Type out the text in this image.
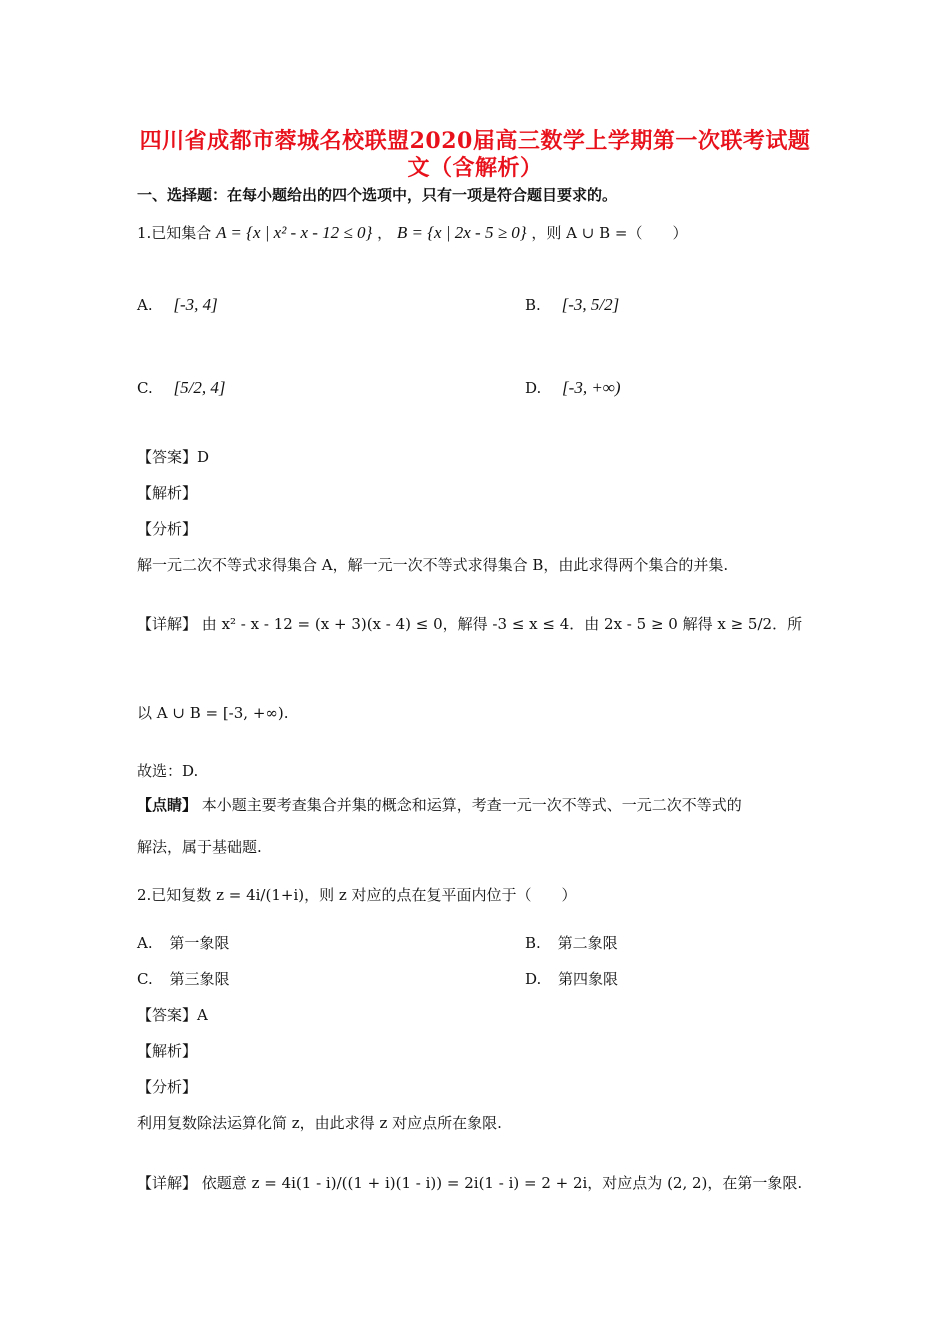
四川省成都市蓉城名校联盟2020届高三数学上学期第一次联考试题
文（含解析）
一、选择题：在每小题给出的四个选项中，只有一项是符合题目要求的。
1.已知集合 A = {x | x² - x - 12 ≤ 0} ， B = {x | 2x - 5 ≥ 0} ，则 A ∪ B =（　　）
A. [-3, 4]	B. [-3, 5/2]
C. [5/2, 4]	D. [-3, +∞)
【答案】D
【解析】
【分析】
解一元二次不等式求得集合 A，解一元一次不等式求得集合 B，由此求得两个集合的并集.
【详解】 由 x² - x - 12 = (x + 3)(x - 4) ≤ 0，解得 -3 ≤ x ≤ 4．由 2x - 5 ≥ 0 解得 x ≥ 5/2．所
以 A ∪ B = [-3, +∞).
故选：D.
【点睛】 本小题主要考查集合并集的概念和运算，考查一元一次不等式、一元二次不等式的
解法，属于基础题.
2.已知复数 z = 4i/(1+i)，则 z 对应的点在复平面内位于（　　）
A. 第一象限	B. 第二象限
C. 第三象限	D. 第四象限
【答案】A
【解析】
【分析】
利用复数除法运算化简 z，由此求得 z 对应点所在象限.
【详解】 依题意 z = 4i(1 - i)/((1 + i)(1 - i)) = 2i(1 - i) = 2 + 2i，对应点为 (2, 2)，在第一象限.
